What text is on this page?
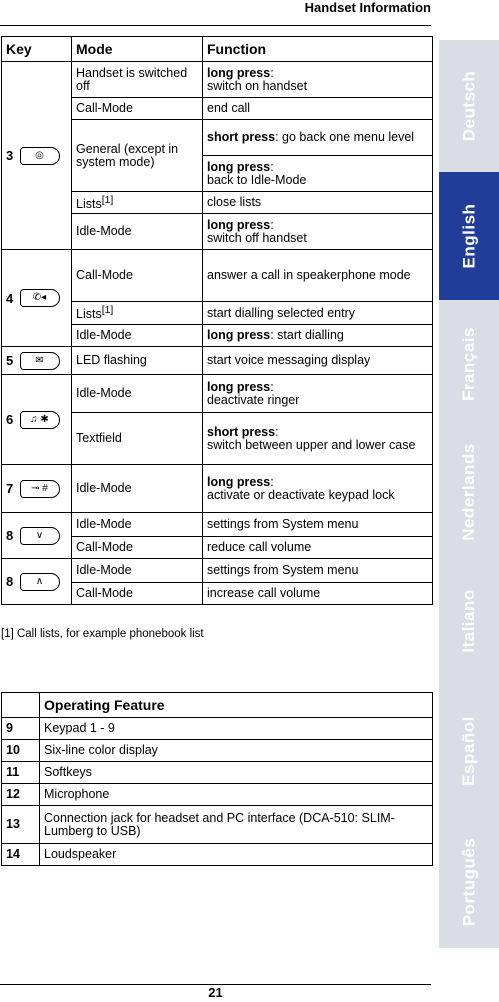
Handset Information
Deutsch
English
Français
Nederlands
Italiano
Español
Português
Key		Mode	Function
3	◎	Handset is switched off	long press:
switch on handset
		Call-Mode	end call
		General (except in system mode)	short press: go back one menu level
			long press:
back to Idle-Mode
		Lists[1]	close lists
		Idle-Mode	long press:
switch off handset
4	✆◂	Call-Mode	answer a call in speakerphone mode
		Lists[1]	start dialling selected entry
		Idle-Mode	long press: start dialling
5	✉	LED flashing	start voice messaging display
6	♫ ✱	Idle-Mode	long press:
deactivate ringer
		Textfield	short press:
switch between upper and lower case
7	⊸ #	Idle-Mode	long press:
activate or deactivate keypad lock
8	∨	Idle-Mode	settings from System menu
		Call-Mode	reduce call volume
8	∧	Idle-Mode	settings from System menu
		Call-Mode	increase call volume
[1] Call lists, for example phonebook list
	Operating Feature
9	Keypad 1 - 9
10	Six-line color display
11	Softkeys
12	Microphone
13	Connection jack for headset and PC interface (DCA-510: SLIM-Lumberg to USB)
14	Loudspeaker
21
